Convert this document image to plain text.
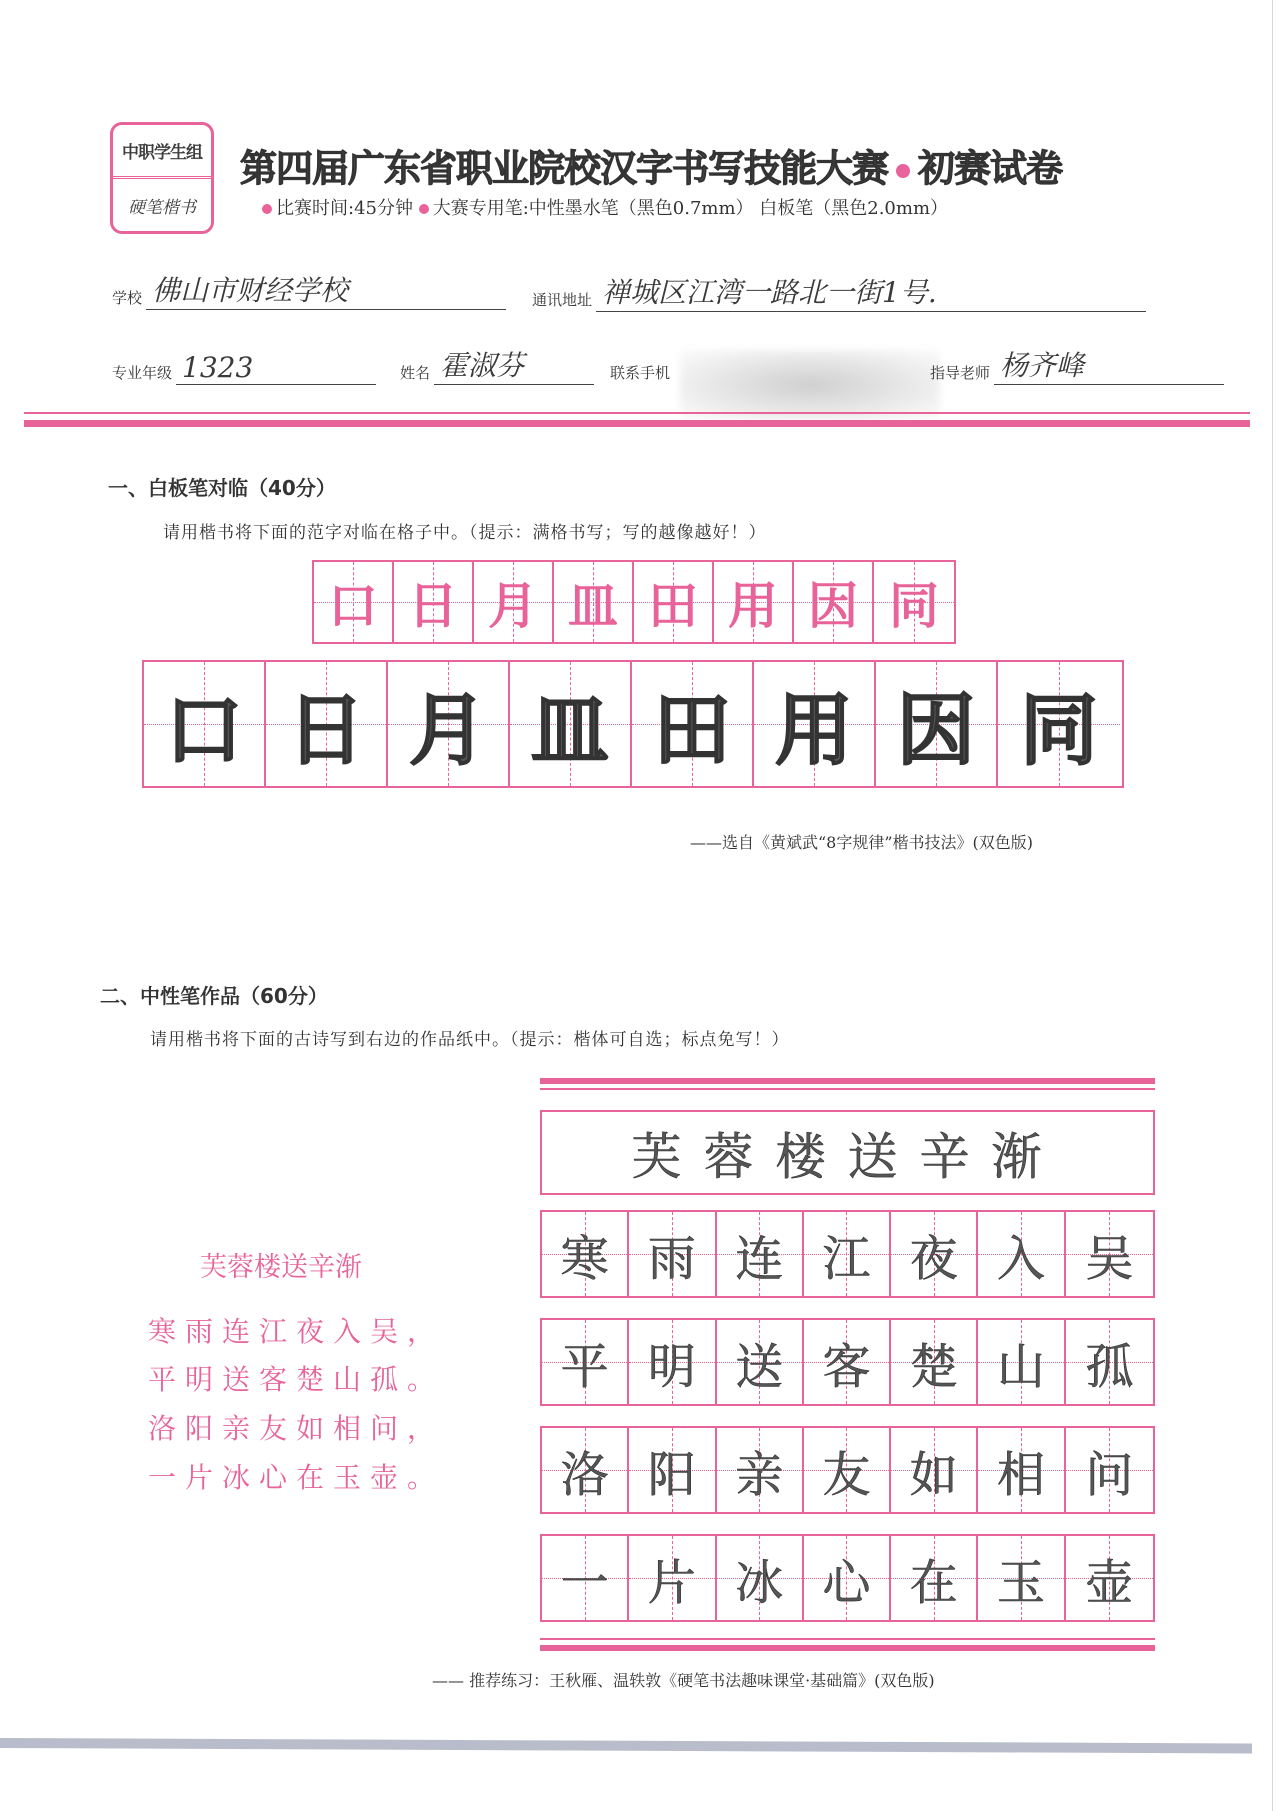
中职学生组
硬笔楷书
第四届广东省职业院校汉字书写技能大赛 初赛试卷
比赛时间:45分钟 大赛专用笔:中性墨水笔（黑色0.7mm） 白板笔（黑色2.0mm）
学校 佛山市财经学校	通讯地址 禅城区江湾一路北一街1号.
专业年级 1323	姓名 霍淑芬	联系手机	指导老师 杨齐峰
一、白板笔对临（40分）
请用楷书将下面的范字对临在格子中。（提示：满格书写；写的越像越好！）
口 日 月 皿 田 用 因 同
口 日 月 皿 田 用 因 同
——选自《黄斌武“8字规律”楷书技法》(双色版)
二、中性笔作品（60分）
请用楷书将下面的古诗写到右边的作品纸中。（提示：楷体可自选；标点免写！）
芙蓉楼送辛渐
寒雨连江夜入吴，
平明送客楚山孤。
洛阳亲友如相问，
一片冰心在玉壶。
芙蓉楼送辛渐
寒 雨 连 江 夜 入 吴
平 明 送 客 楚 山 孤
洛 阳 亲 友 如 相 问
一 片 冰 心 在 玉 壶
—— 推荐练习：王秋雁、温轶敦《硬笔书法趣味课堂·基础篇》(双色版)
